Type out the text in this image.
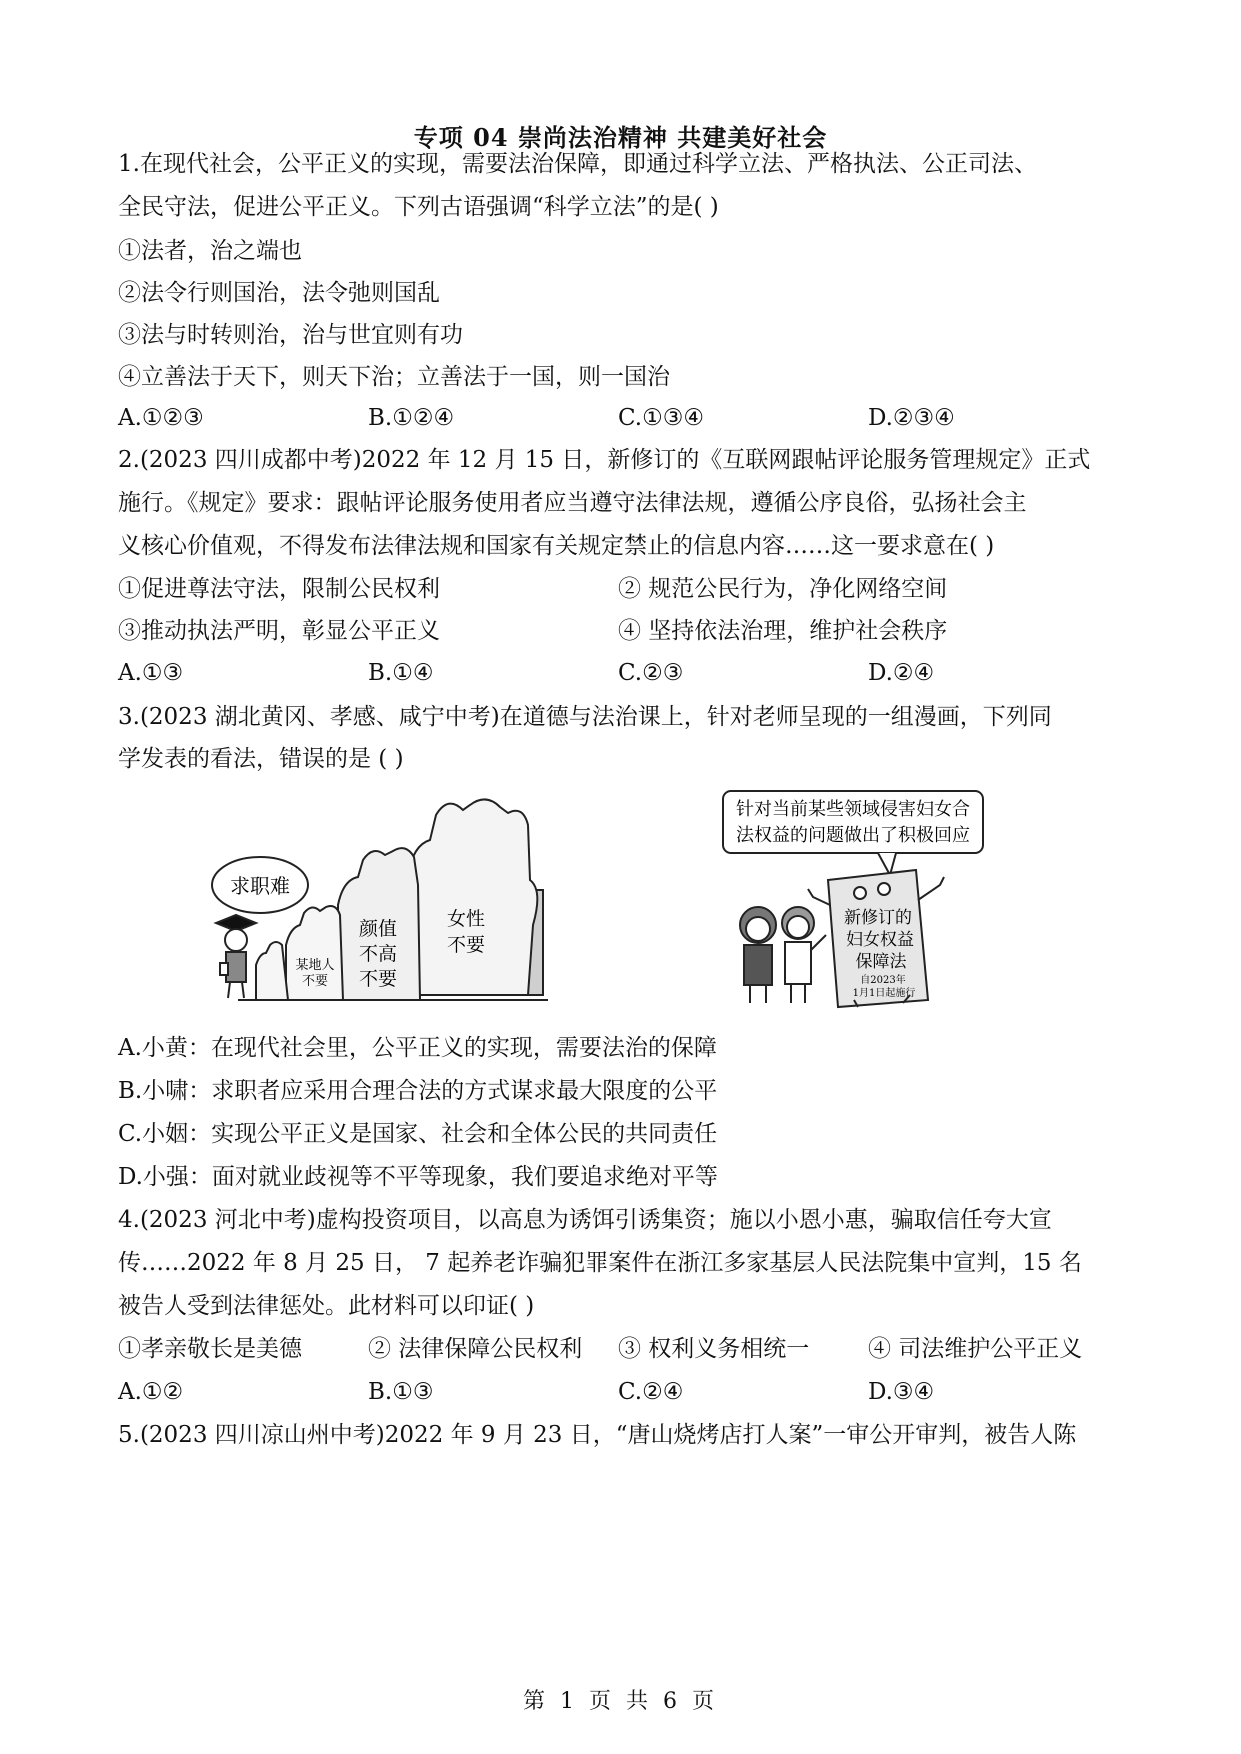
专项 04 崇尚法治精神 共建美好社会
1.在现代社会，公平正义的实现，需要法治保障，即通过科学立法、严格执法、公正司法、
全民守法，促进公平正义。下列古语强调“科学立法”的是( )
①法者，治之端也
②法令行则国治，法令弛则国乱
③法与时转则治，治与世宜则有功
④立善法于天下，则天下治；立善法于一国，则一国治
A.①②③	B.①②④	C.①③④	D.②③④
2.(2023 四川成都中考)2022 年 12 月 15 日，新修订的《互联网跟帖评论服务管理规定》正式
施行。《规定》要求：跟帖评论服务使用者应当遵守法律法规，遵循公序良俗，弘扬社会主
义核心价值观，不得发布法律法规和国家有关规定禁止的信息内容……这一要求意在( )
①促进尊法守法，限制公民权利	② 规范公民行为，净化网络空间
③推动执法严明，彰显公平正义	④ 坚持依法治理，维护社会秩序
A.①③	B.①④	C.②③	D.②④
3.(2023 湖北黄冈、孝感、咸宁中考)在道德与法治课上，针对老师呈现的一组漫画，下列同
学发表的看法，错误的是 ( )
求职难
某地人
不要
颜值
不高
不要
女性
不要
针对当前某些领域侵害妇女合
法权益的问题做出了积极回应
新修订的
妇女权益
保障法
自2023年
1月1日起施行
A.小黄：在现代社会里，公平正义的实现，需要法治的保障
B.小啸：求职者应采用合理合法的方式谋求最大限度的公平
C.小姻：实现公平正义是国家、社会和全体公民的共同责任
D.小强：面对就业歧视等不平等现象，我们要追求绝对平等
4.(2023 河北中考)虚构投资项目，以高息为诱饵引诱集资；施以小恩小惠，骗取信任夸大宣
传……2022 年 8 月 25 日， 7 起养老诈骗犯罪案件在浙江多家基层人民法院集中宣判，15 名
被告人受到法律惩处。此材料可以印证( )
①孝亲敬长是美德	② 法律保障公民权利 ③ 权利义务相统一	④ 司法维护公平正义
A.①②	B.①③	C.②④	D.③④
5.(2023 四川凉山州中考)2022 年 9 月 23 日，“唐山烧烤店打人案”一审公开审判，被告人陈
第 1 页 共 6 页
